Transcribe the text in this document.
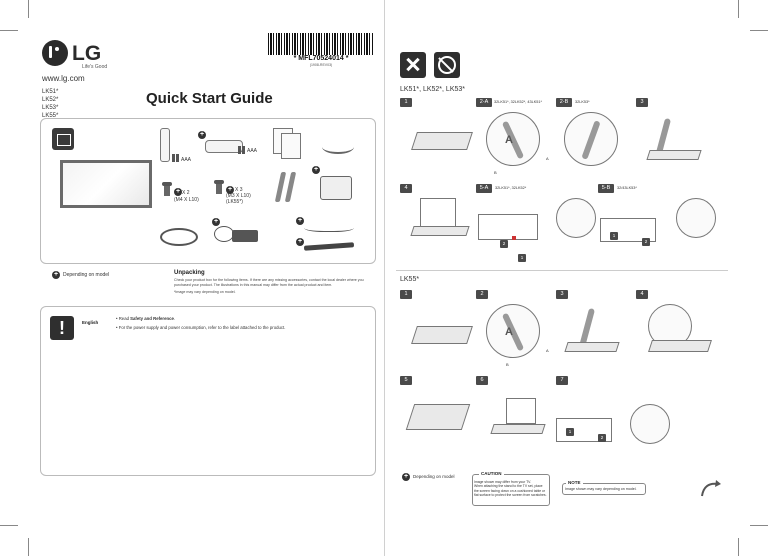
LG
Life's Good
www.lg.com
LK51*
LK52*
LK53*
LK55*
Quick Start Guide
* MFL70524014 *
(1908-REV03)
AAA
+
AAA
+ X 2
(M4 X L10)
+ X 3
(M3 X L10)
(LK55*)
+
+	+
+
+ Depending on model	Unpacking
Check your product box for the following items. If there are any missing accessories, contact the local dealer where you purchased your product. The illustrations in this manual may differ from the actual product and item.
*Image may vary depending on model.
!	English
• Read Safety and Reference.
• For the power supply and power consumption, refer to the label attached to the product.
LK51*, LK52*, LK53*
1	2-A	32LK51*, 32LK52*, 43LK51*
A
B
A
2-B	32LK53*	3
4	5-A	32LK51*, 32LK52*
2
1
5-B	32/43LK53*
1
2
LK55*
1	2
A
B
A
3	4
5	6	7
1
2
+	Depending on model
CAUTION
Image shown may differ from your TV.
When attaching the stand to the TV set, place the screen facing down on a cushioned table or flat surface to protect the screen from scratches.
NOTE
Image shown may vary depending on model.
